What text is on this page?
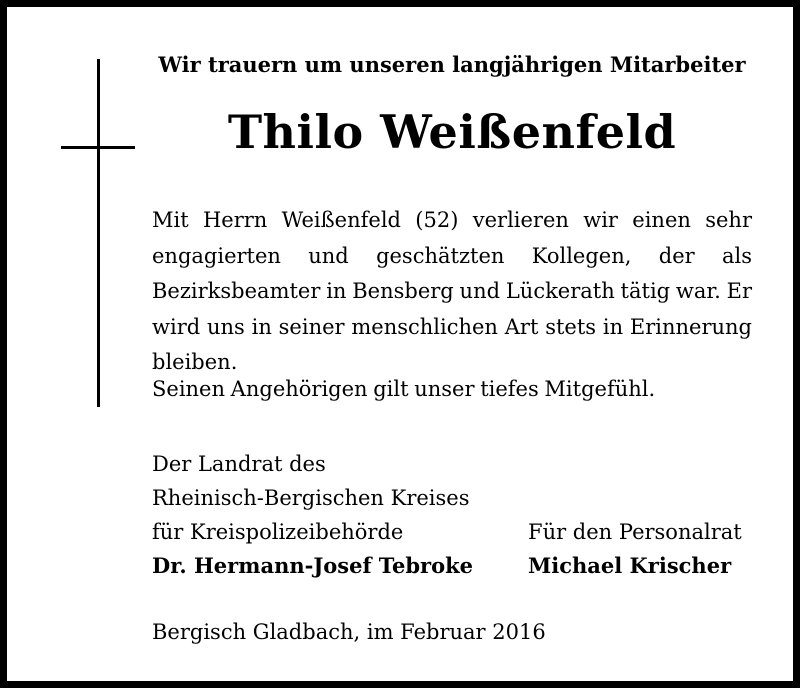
Wir trauern um unseren langjährigen Mitarbeiter
Thilo Weißenfeld
Mit Herrn Weißenfeld (52) verlieren wir einen sehr engagierten und geschätzten Kollegen, der als Bezirksbeamter in Bensberg und Lückerath tätig war. Er wird uns in seiner menschlichen Art stets in Erinnerung bleiben.
Seinen Angehörigen gilt unser tiefes Mitgefühl.
Der Landrat des
Rheinisch-Bergischen Kreises
für Kreispolizeibehörde
Dr. Hermann-Josef Tebroke
Für den Personalrat
Michael Krischer
Bergisch Gladbach, im Februar 2016
